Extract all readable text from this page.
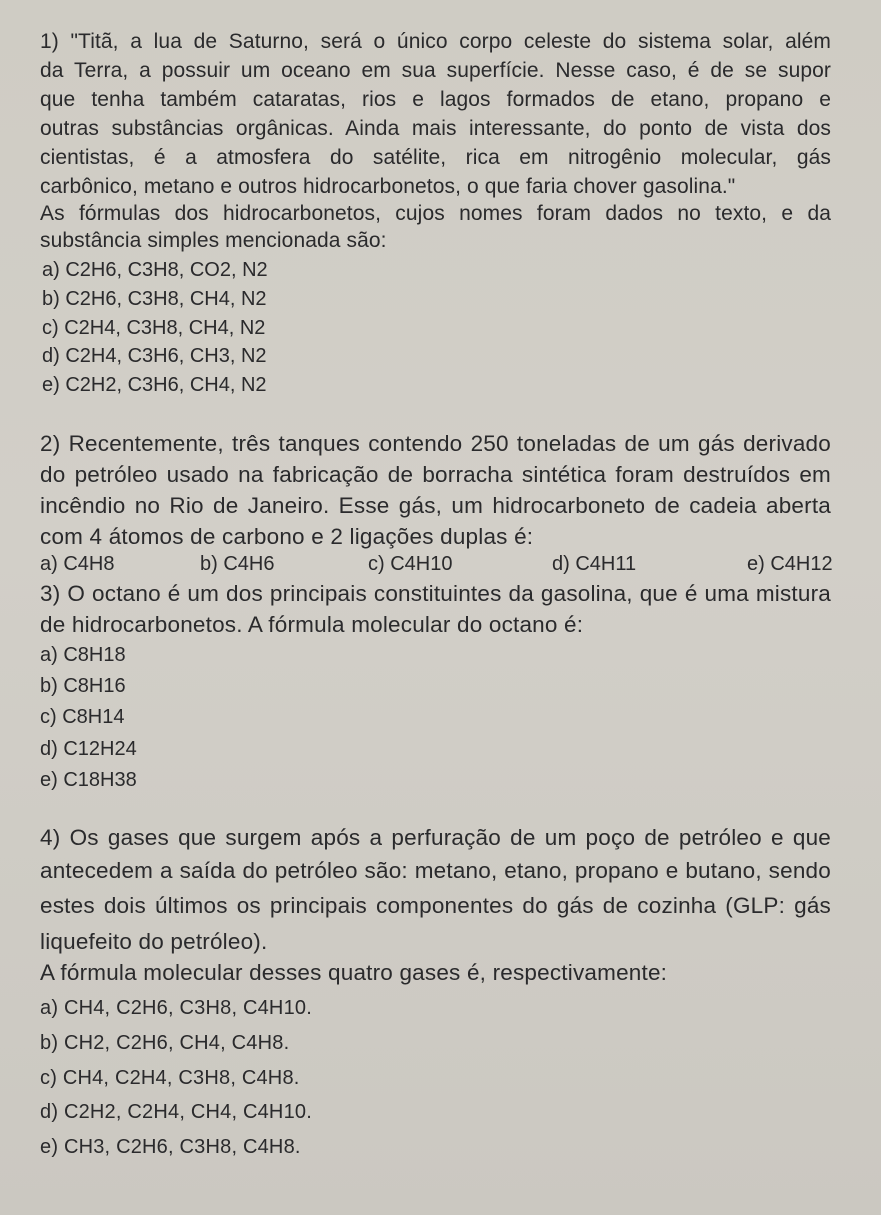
1) "Titã, a lua de Saturno, será o único corpo celeste do sistema solar, além
da Terra, a possuir um oceano em sua superfície. Nesse caso, é de se supor
que tenha também cataratas, rios e lagos formados de etano, propano e
outras substâncias orgânicas. Ainda mais interessante, do ponto de vista dos
cientistas, é a atmosfera do satélite, rica em nitrogênio molecular, gás
carbônico, metano e outros hidrocarbonetos, o que faria chover gasolina."
As fórmulas dos hidrocarbonetos, cujos nomes foram dados no texto, e da
substância simples mencionada são:
a) C2H6, C3H8, CO2, N2
b) C2H6, C3H8, CH4, N2
c) C2H4, C3H8, CH4, N2
d) C2H4, C3H6, CH3, N2
e) C2H2, C3H6, CH4, N2
2) Recentemente, três tanques contendo 250 toneladas de um gás derivado
do petróleo usado na fabricação de borracha sintética foram destruídos em
incêndio no Rio de Janeiro. Esse gás, um hidrocarboneto de cadeia aberta
com 4 átomos de carbono e 2 ligações duplas é:
a) C4H8	b) C4H6	c) C4H10	d) C4H11	e) C4H12
3) O octano é um dos principais constituintes da gasolina, que é uma mistura
de hidrocarbonetos. A fórmula molecular do octano é:
a) C8H18
b) C8H16
c) C8H14
d) C12H24
e) C18H38
4) Os gases que surgem após a perfuração de um poço de petróleo e que
antecedem a saída do petróleo são: metano, etano, propano e butano, sendo
estes dois últimos os principais componentes do gás de cozinha (GLP: gás
liquefeito do petróleo).
A fórmula molecular desses quatro gases é, respectivamente:
a) CH4, C2H6, C3H8, C4H10.
b) CH2, C2H6, CH4, C4H8.
c) CH4, C2H4, C3H8, C4H8.
d) C2H2, C2H4, CH4, C4H10.
e) CH3, C2H6, C3H8, C4H8.
